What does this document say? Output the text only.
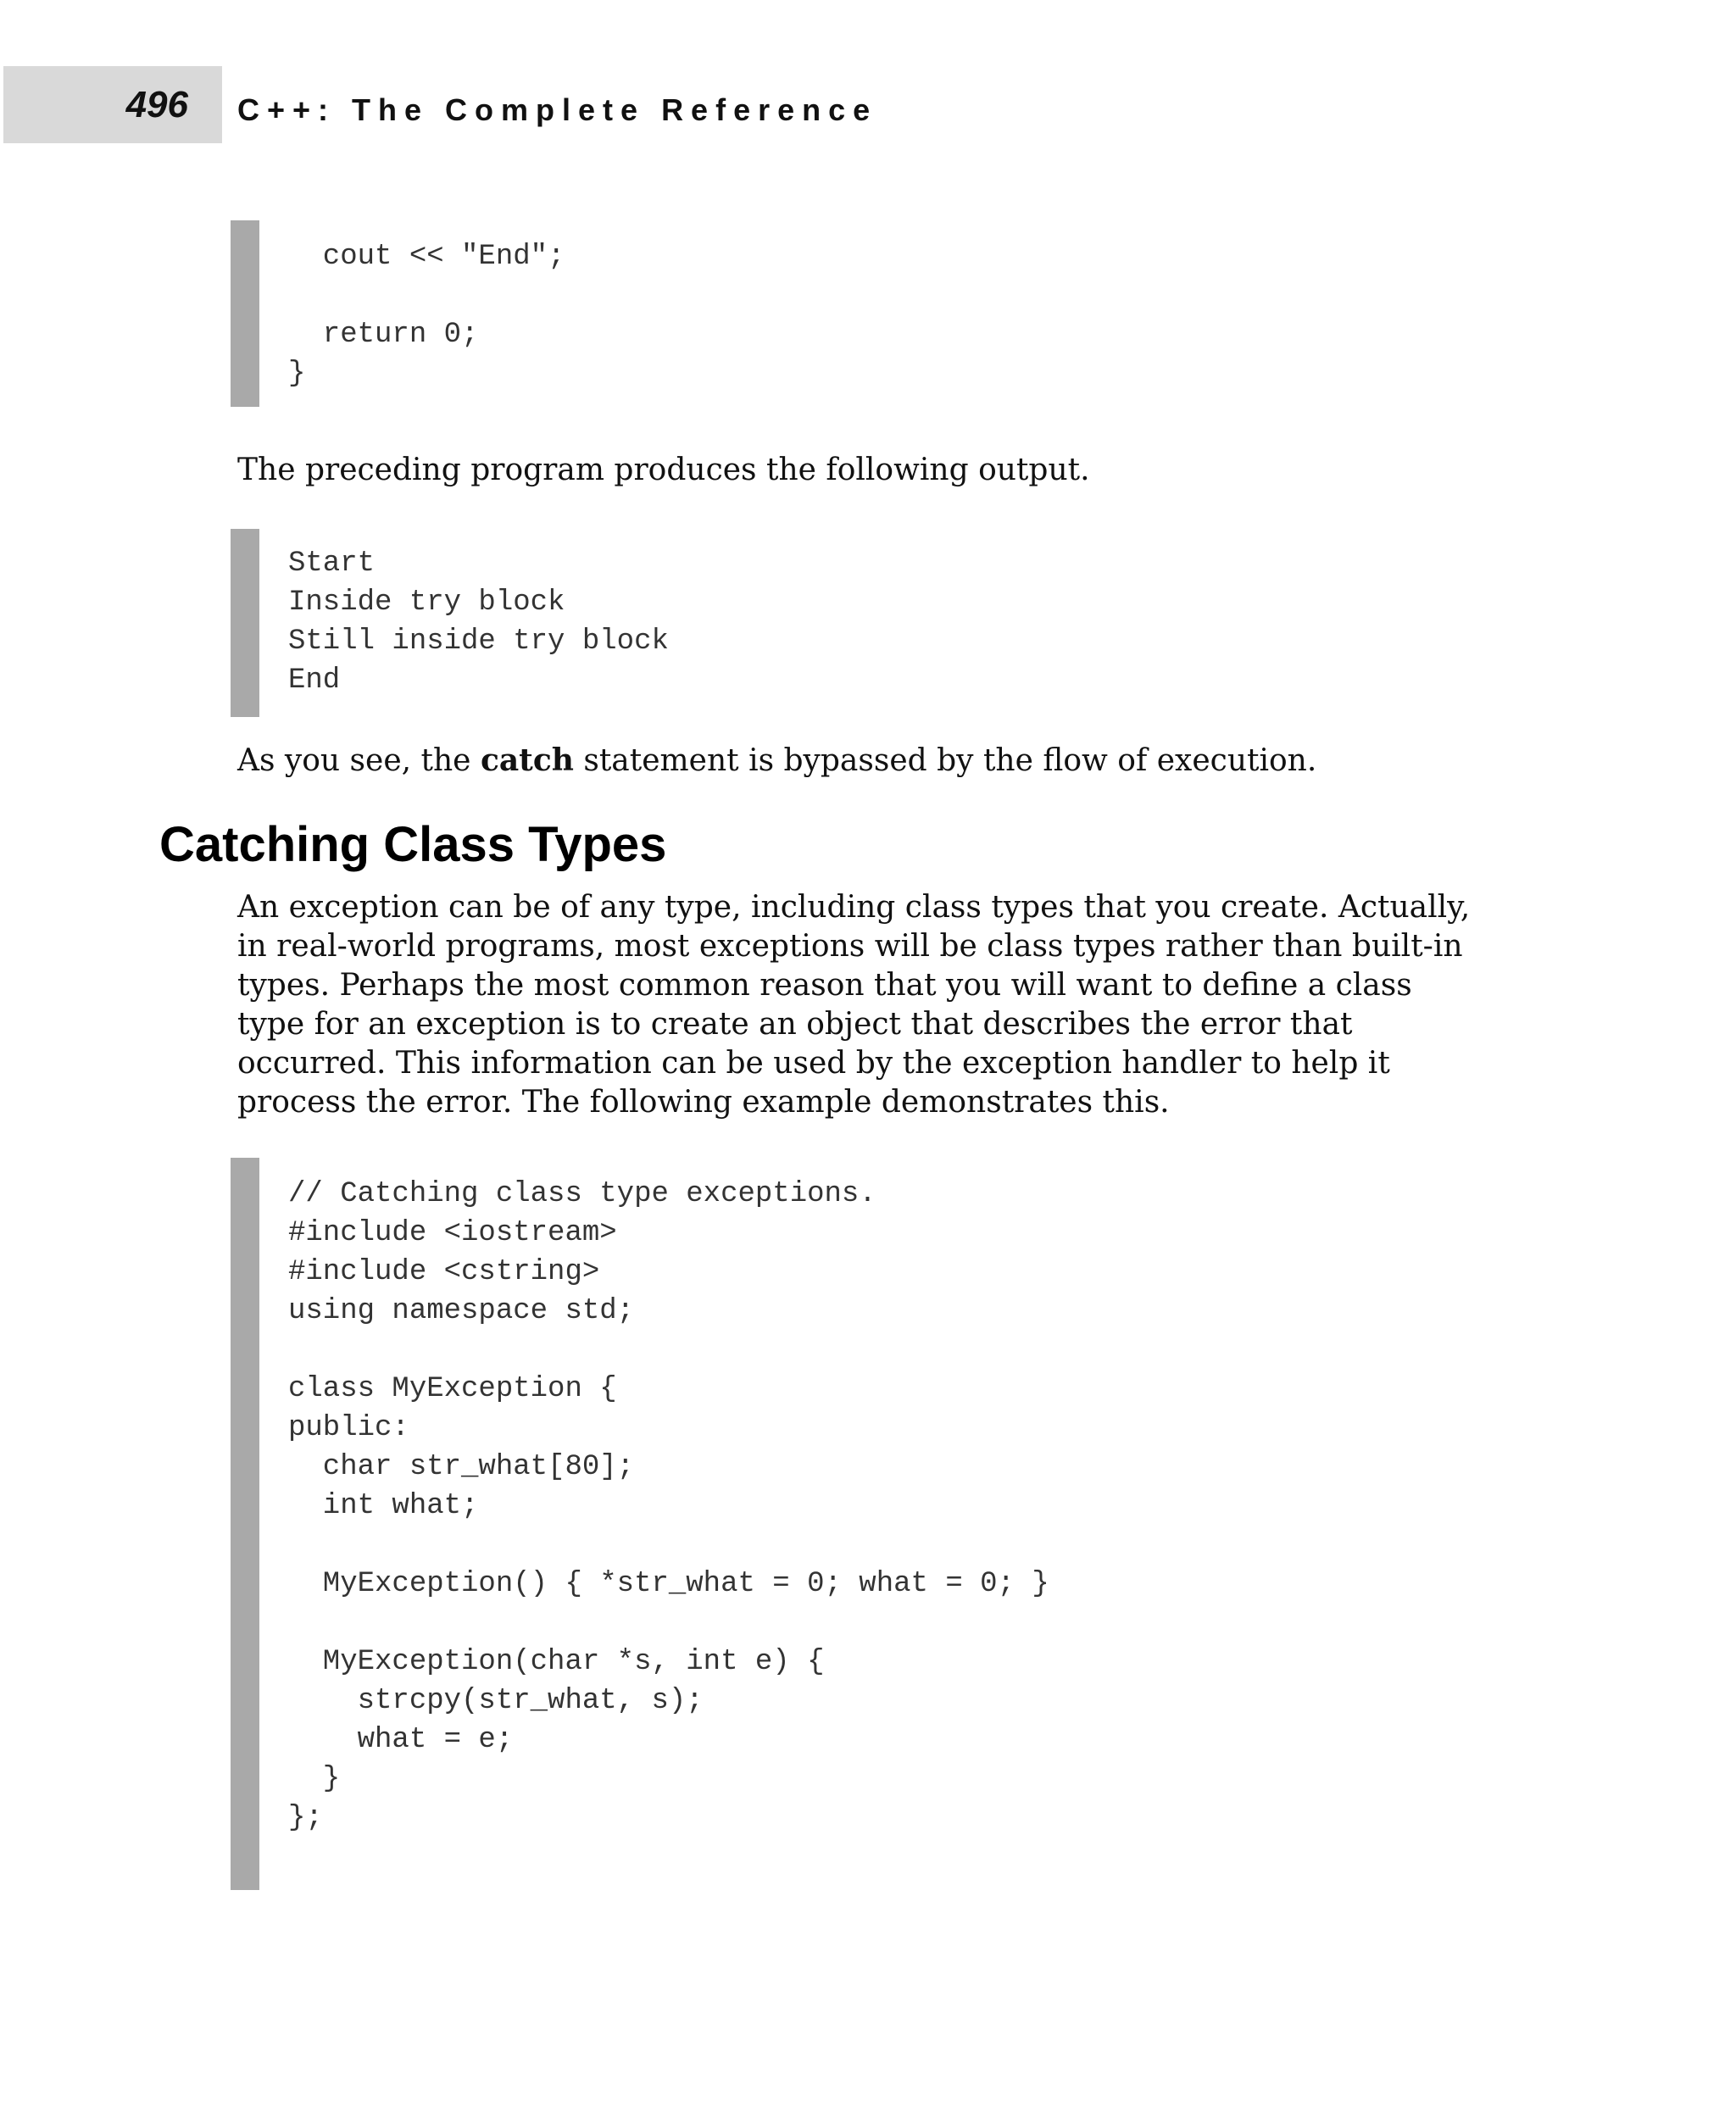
496 C++: The Complete Reference
cout << "End";

return 0;
}

The preceding program produces the following output.

Start
Inside try block
Still inside try block
End

As you see, the catch statement is bypassed by the flow of execution.

Catching Class Types

An exception can be of any type, including class types that you create. Actually, in real-world programs, most exceptions will be class types rather than built-in types. Perhaps the most common reason that you will want to define a class type for an exception is to create an object that describes the error that occurred. This information can be used by the exception handler to help it process the error. The following example demonstrates this.

// Catching class type exceptions.
#include <iostream>
#include <cstring>
using namespace std;

class MyException {
public:
char str_what[80];
int what;

MyException() { *str_what = 0; what = 0; }

MyException(char *s, int e) {
strcpy(str_what, s);
what = e;
}
};
